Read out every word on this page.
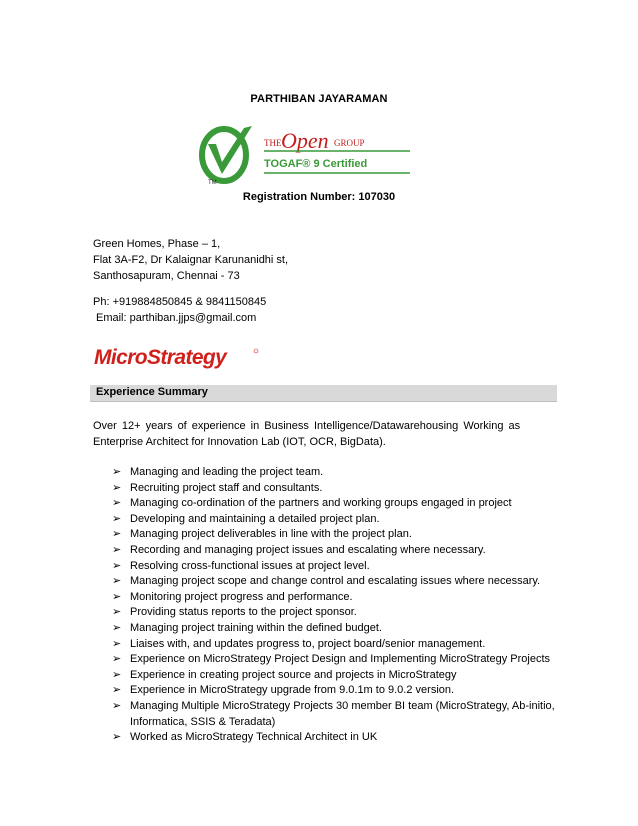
PARTHIBAN JAYARAMAN
TM
THE Open GROUP
TOGAF® 9 Certified
Registration Number: 107030
Green Homes, Phase – 1,
Flat 3A-F2, Dr Kalaignar Karunanidhi st,
Santhosapuram, Chennai - 73
Ph: +919884850845 & 9841150845
Email: parthiban.jjps@gmail.com
MicroStrategy
Experience Summary
Over 12+ years of experience in Business Intelligence/Datawarehousing Working as
Enterprise Architect for Innovation Lab (IOT, OCR, BigData).
➢ Managing and leading the project team.
➢ Recruiting project staff and consultants.
➢ Managing co-ordination of the partners and working groups engaged in project
➢ Developing and maintaining a detailed project plan.
➢ Managing project deliverables in line with the project plan.
➢ Recording and managing project issues and escalating where necessary.
➢ Resolving cross-functional issues at project level.
➢ Managing project scope and change control and escalating issues where necessary.
➢ Monitoring project progress and performance.
➢ Providing status reports to the project sponsor.
➢ Managing project training within the defined budget.
➢ Liaises with, and updates progress to, project board/senior management.
➢ Experience on MicroStrategy Project Design and Implementing MicroStrategy Projects
➢ Experience in creating project source and projects in MicroStrategy
➢ Experience in MicroStrategy upgrade from 9.0.1m to 9.0.2 version.
➢ Managing Multiple MicroStrategy Projects 30 member BI team (MicroStrategy, Ab-initio, Informatica, SSIS & Teradata)
➢ Worked as MicroStrategy Technical Architect in UK
